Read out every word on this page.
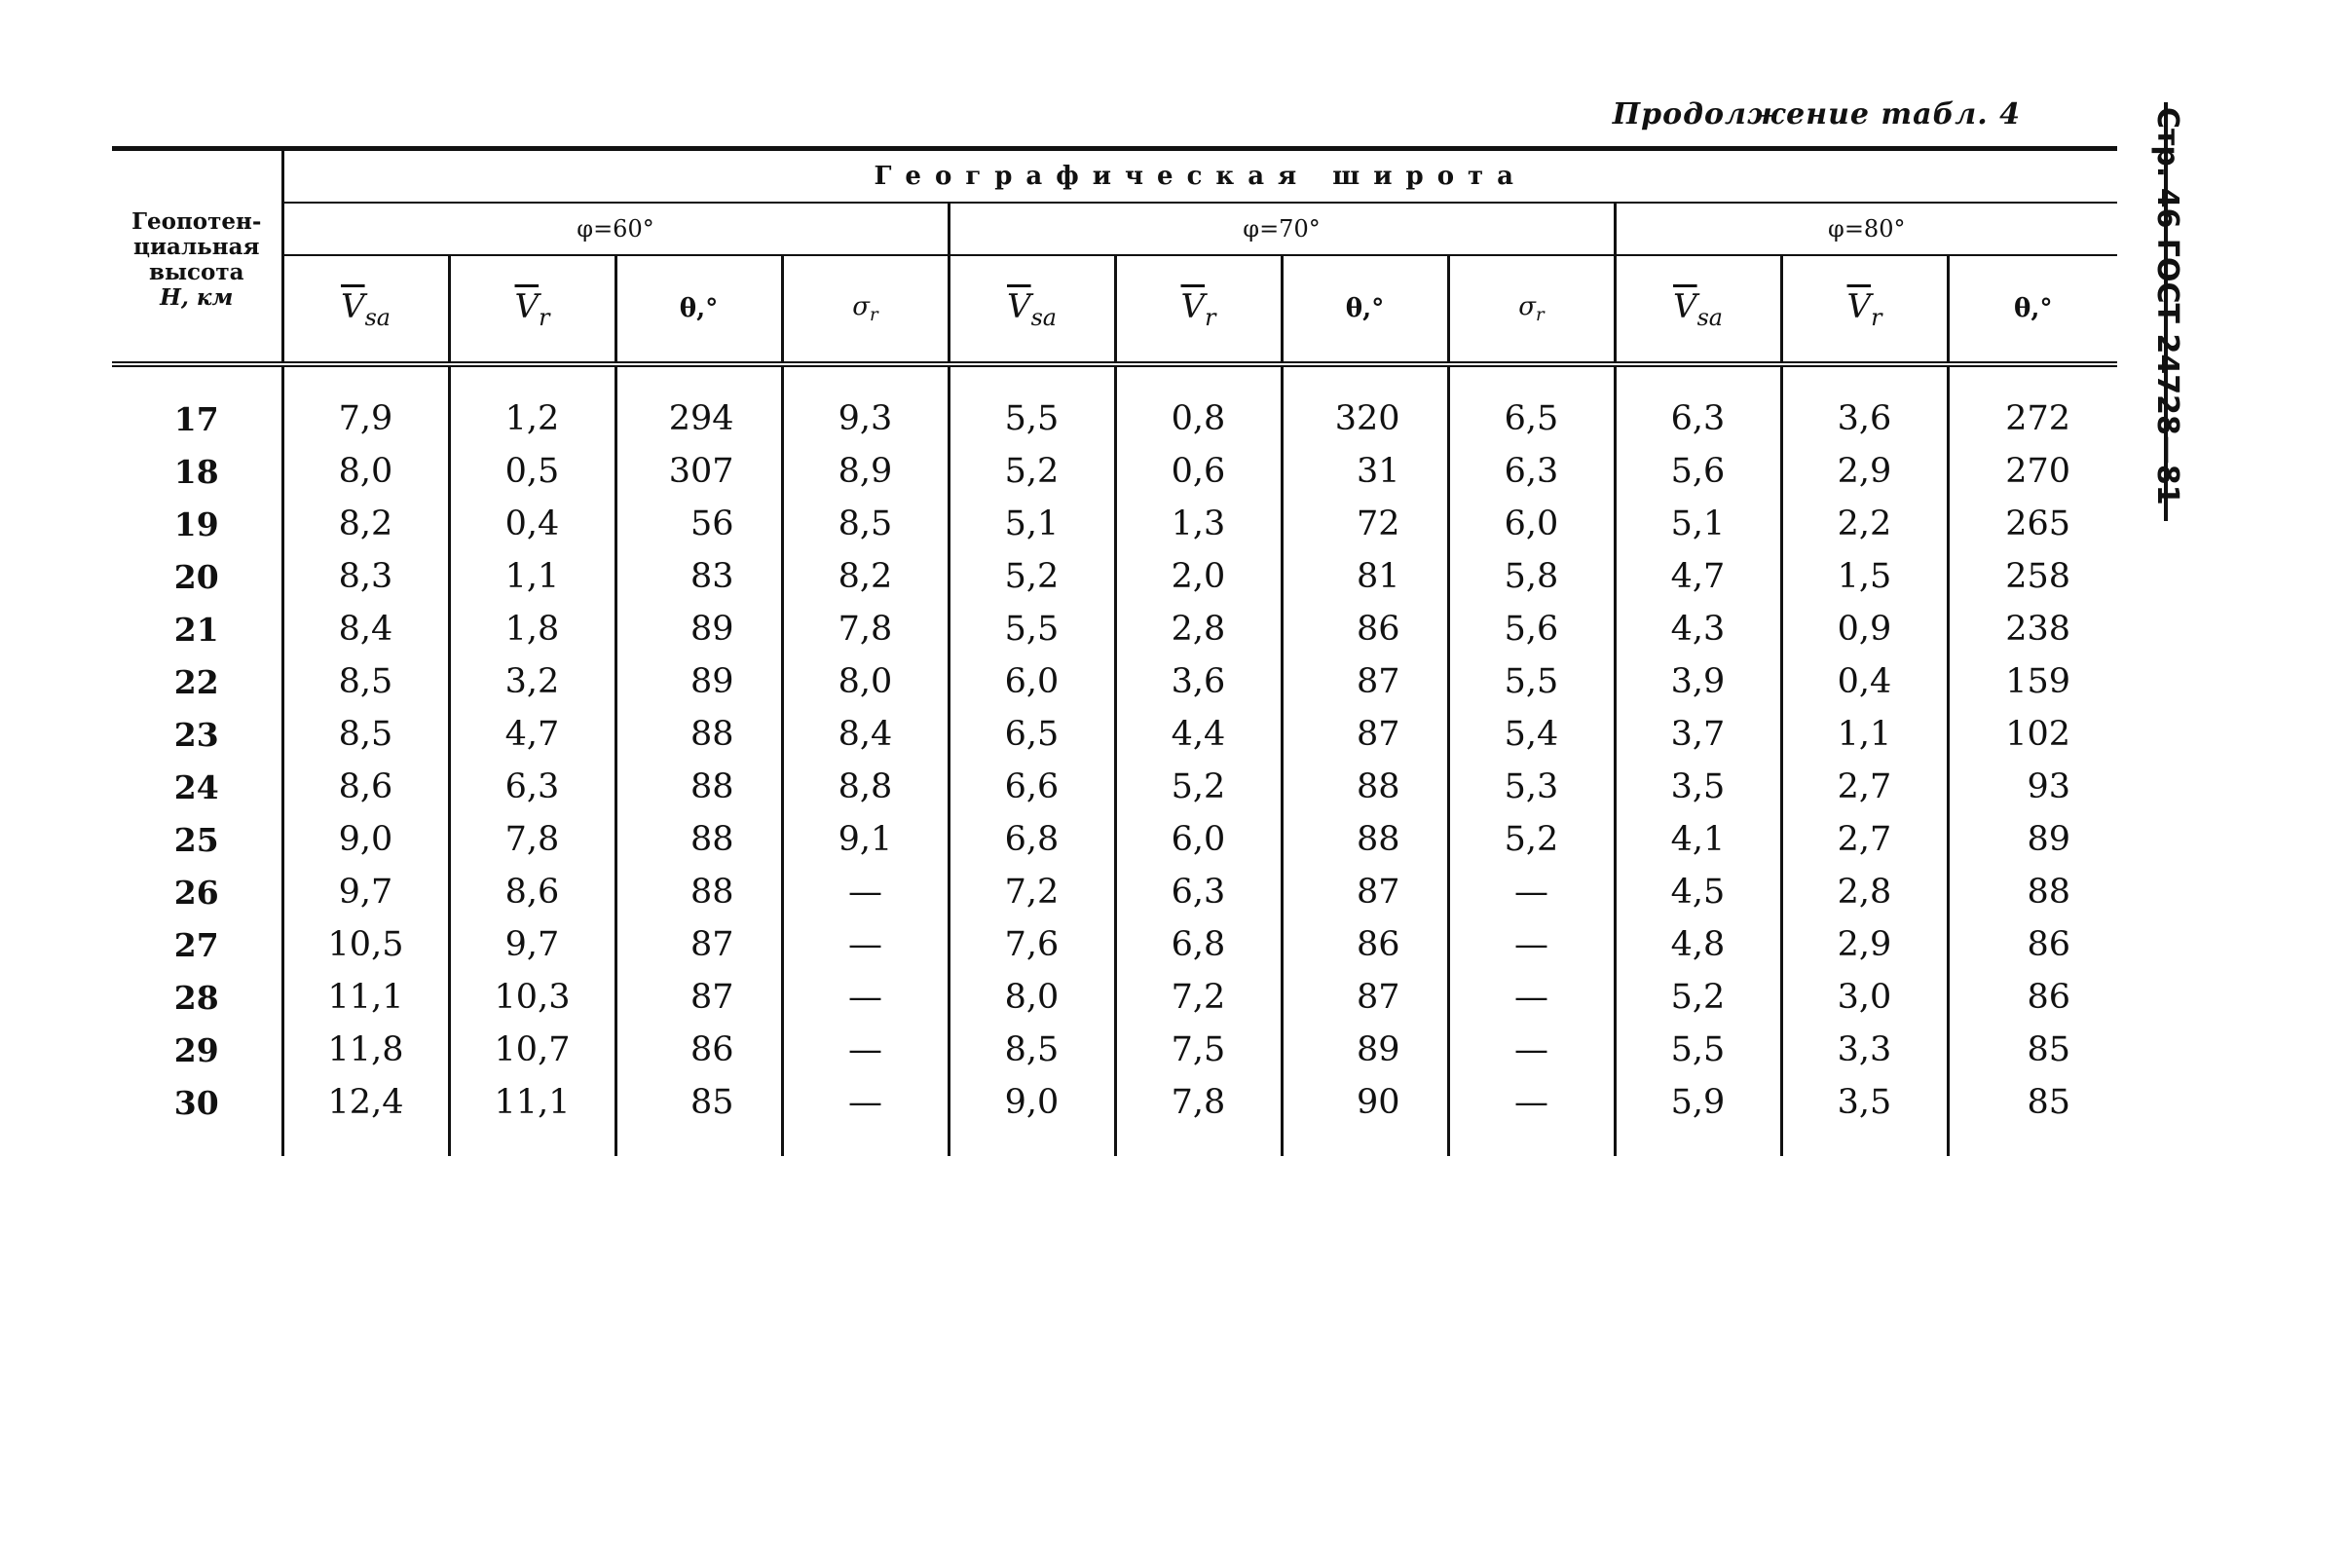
Продолжение табл. 4	Стр. 46 ГОСТ 24728—81
Геопотен-
циальная
высота
H, км	Географическая широта										
	φ=60°				φ=70°				φ=80°		
	$\overline{V}_{sa}$	$\overline{V}_r$	θ,°	$\sigma_r$	$\overline{V}_{sa}$	$\overline{V}_r$	θ,°	$\sigma_r$	$\overline{V}_{sa}$	$\overline{V}_r$	θ,°
17	7,9	1,2	294	9,3	5,5	0,8	320	6,5	6,3	3,6	272
18	8,0	0,5	307	8,9	5,2	0,6	31	6,3	5,6	2,9	270
19	8,2	0,4	56	8,5	5,1	1,3	72	6,0	5,1	2,2	265
20	8,3	1,1	83	8,2	5,2	2,0	81	5,8	4,7	1,5	258
21	8,4	1,8	89	7,8	5,5	2,8	86	5,6	4,3	0,9	238
22	8,5	3,2	89	8,0	6,0	3,6	87	5,5	3,9	0,4	159
23	8,5	4,7	88	8,4	6,5	4,4	87	5,4	3,7	1,1	102
24	8,6	6,3	88	8,8	6,6	5,2	88	5,3	3,5	2,7	93
25	9,0	7,8	88	9,1	6,8	6,0	88	5,2	4,1	2,7	89
26	9,7	8,6	88	—	7,2	6,3	87	—	4,5	2,8	88
27	10,5	9,7	87	—	7,6	6,8	86	—	4,8	2,9	86
28	11,1	10,3	87	—	8,0	7,2	87	—	5,2	3,0	86
29	11,8	10,7	86	—	8,5	7,5	89	—	5,5	3,3	85
30	12,4	11,1	85	—	9,0	7,8	90	—	5,9	3,5	85
